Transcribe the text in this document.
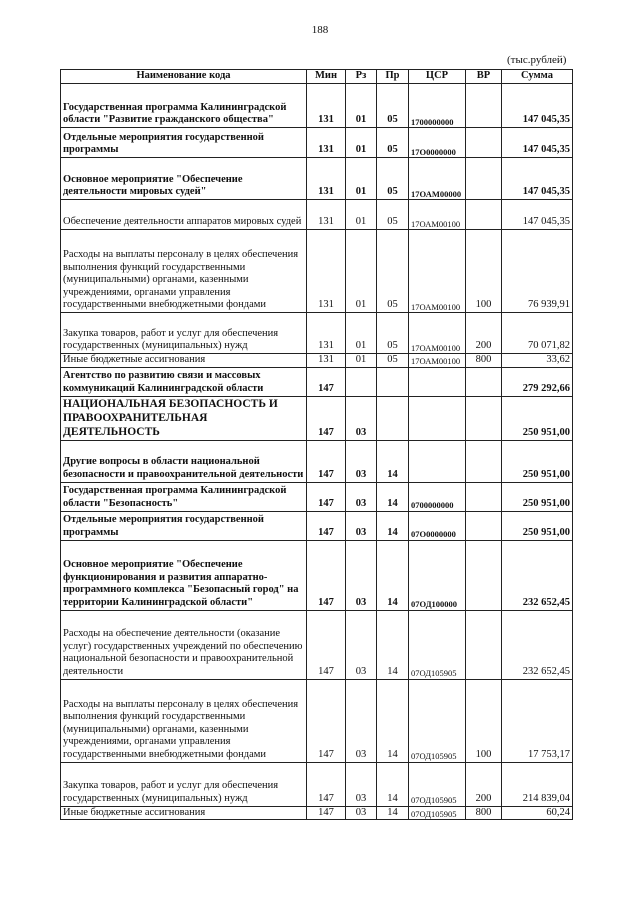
188
(тыс.рублей)
Наименование кода	Мин	Рз	Пр	ЦСР	ВР	Сумма
Государственная программа Калининградской области "Развитие гражданского общества"	131	01	05	1700000000		147 045,35
Отдельные мероприятия государственной программы	131	01	05	17О0000000		147 045,35
Основное мероприятие "Обеспечение деятельности мировых судей"	131	01	05	17ОАМ00000		147 045,35
Обеспечение деятельности аппаратов мировых судей	131	01	05	17ОАМ00100		147 045,35
Расходы на выплаты персоналу в целях обеспечения выполнения функций государственными (муниципальными) органами, казенными учреждениями, органами управления государственными внебюджетными фондами	131	01	05	17ОАМ00100	100	76 939,91
Закупка товаров, работ и услуг для обеспечения государственных (муниципальных) нужд	131	01	05	17ОАМ00100	200	70 071,82
Иные бюджетные ассигнования	131	01	05	17ОАМ00100	800	33,62
Агентство по развитию связи и массовых коммуникаций Калининградской области	147					279 292,66
НАЦИОНАЛЬНАЯ БЕЗОПАСНОСТЬ И ПРАВООХРАНИТЕЛЬНАЯ ДЕЯТЕЛЬНОСТЬ	147	03				250 951,00
Другие вопросы в области национальной безопасности и правоохранительной деятельности	147	03	14			250 951,00
Государственная программа Калининградской области "Безопасность"	147	03	14	0700000000		250 951,00
Отдельные мероприятия государственной программы	147	03	14	07О0000000		250 951,00
Основное мероприятие "Обеспечение функционирования и развития аппаратно-программного комплекса "Безопасный город" на территории Калининградской области"	147	03	14	07ОД100000		232 652,45
Расходы на обеспечение деятельности (оказание услуг) государственных учреждений по обеспечению национальной безопасности и правоохранительной деятельности	147	03	14	07ОД105905		232 652,45
Расходы на выплаты персоналу в целях обеспечения выполнения функций государственными (муниципальными) органами, казенными учреждениями, органами управления государственными внебюджетными фондами	147	03	14	07ОД105905	100	17 753,17
Закупка товаров, работ и услуг для обеспечения государственных (муниципальных) нужд	147	03	14	07ОД105905	200	214 839,04
Иные бюджетные ассигнования	147	03	14	07ОД105905	800	60,24
